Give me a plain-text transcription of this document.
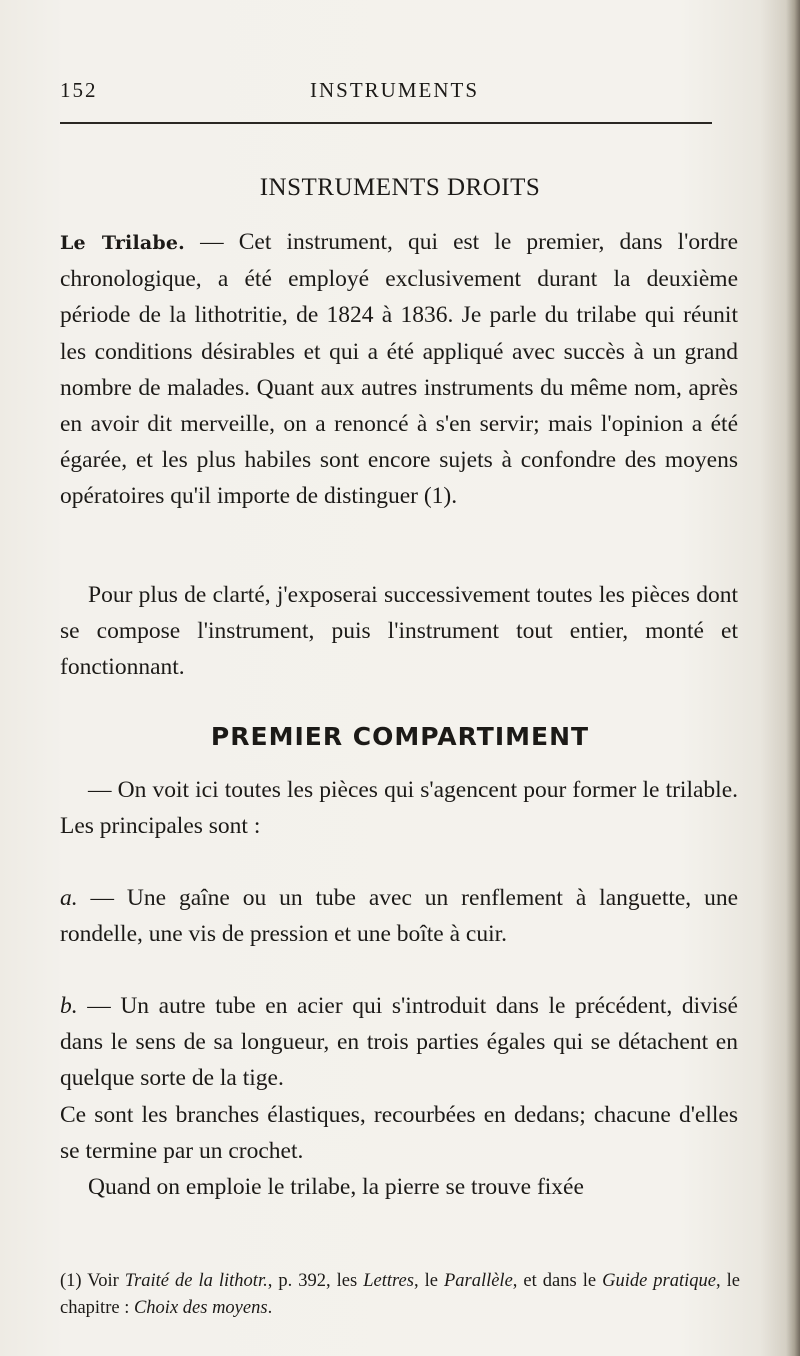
152	INSTRUMENTS
INSTRUMENTS DROITS
Le Trilabe. — Cet instrument, qui est le premier, dans l'ordre chronologique, a été employé exclusivement durant la deuxième période de la lithotritie, de 1824 à 1836. Je parle du trilabe qui réunit les conditions désirables et qui a été appliqué avec succès à un grand nombre de malades. Quant aux autres instruments du même nom, après en avoir dit merveille, on a renoncé à s'en servir; mais l'opinion a été égarée, et les plus habiles sont encore sujets à confondre des moyens opératoires qu'il importe de distinguer (1).
Pour plus de clarté, j'exposerai successivement toutes les pièces dont se compose l'instrument, puis l'instrument tout entier, monté et fonctionnant.
PREMIER COMPARTIMENT
— On voit ici toutes les pièces qui s'agencent pour former le trilable. Les principales sont :
a. — Une gaîne ou un tube avec un renflement à languette, une rondelle, une vis de pression et une boîte à cuir.
b. — Un autre tube en acier qui s'introduit dans le précédent, divisé dans le sens de sa longueur, en trois parties égales qui se détachent en quelque sorte de la tige.
Ce sont les branches élastiques, recourbées en dedans; chacune d'elles se termine par un crochet.
Quand on emploie le trilabe, la pierre se trouve fixée
(1) Voir Traité de la lithotr., p. 392, les Lettres, le Parallèle, et dans le Guide pratique, le chapitre : Choix des moyens.
